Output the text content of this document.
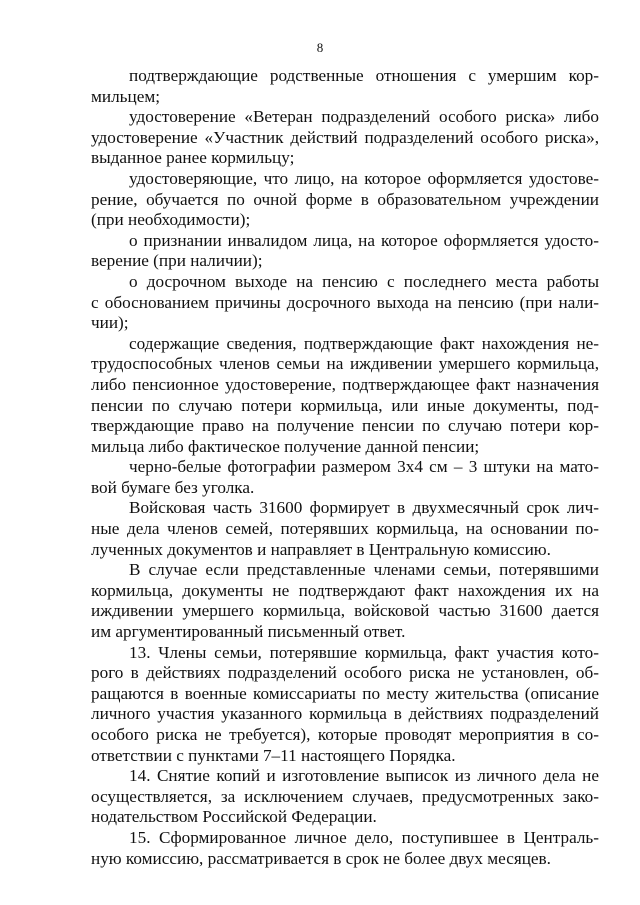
8
подтверждающие родственные отношения с умершим кор-
мильцем;
удостоверение «Ветеран подразделений особого риска» либо
удостоверение «Участник действий подразделений особого риска»,
выданное ранее кормильцу;
удостоверяющие, что лицо, на которое оформляется удостове-
рение, обучается по очной форме в образовательном учреждении
(при необходимости);
о признании инвалидом лица, на которое оформляется удосто-
верение (при наличии);
о досрочном выходе на пенсию с последнего места работы
с обоснованием причины досрочного выхода на пенсию (при нали-
чии);
содержащие сведения, подтверждающие факт нахождения не-
трудоспособных членов семьи на иждивении умершего кормильца,
либо пенсионное удостоверение, подтверждающее факт назначения
пенсии по случаю потери кормильца, или иные документы, под-
тверждающие право на получение пенсии по случаю потери кор-
мильца либо фактическое получение данной пенсии;
черно-белые фотографии размером 3x4 см – 3 штуки на мато-
вой бумаге без уголка.
Войсковая часть 31600 формирует в двухмесячный срок лич-
ные дела членов семей, потерявших кормильца, на основании по-
лученных документов и направляет в Центральную комиссию.
В случае если представленные членами семьи, потерявшими
кормильца, документы не подтверждают факт нахождения их на
иждивении умершего кормильца, войсковой частью 31600 дается
им аргументированный письменный ответ.
13. Члены семьи, потерявшие кормильца, факт участия кото-
рого в действиях подразделений особого риска не установлен, об-
ращаются в военные комиссариаты по месту жительства (описание
личного участия указанного кормильца в действиях подразделений
особого риска не требуется), которые проводят мероприятия в со-
ответствии с пунктами 7–11 настоящего Порядка.
14. Снятие копий и изготовление выписок из личного дела не
осуществляется, за исключением случаев, предусмотренных зако-
нодательством Российской Федерации.
15. Сформированное личное дело, поступившее в Централь-
ную комиссию, рассматривается в срок не более двух месяцев.
